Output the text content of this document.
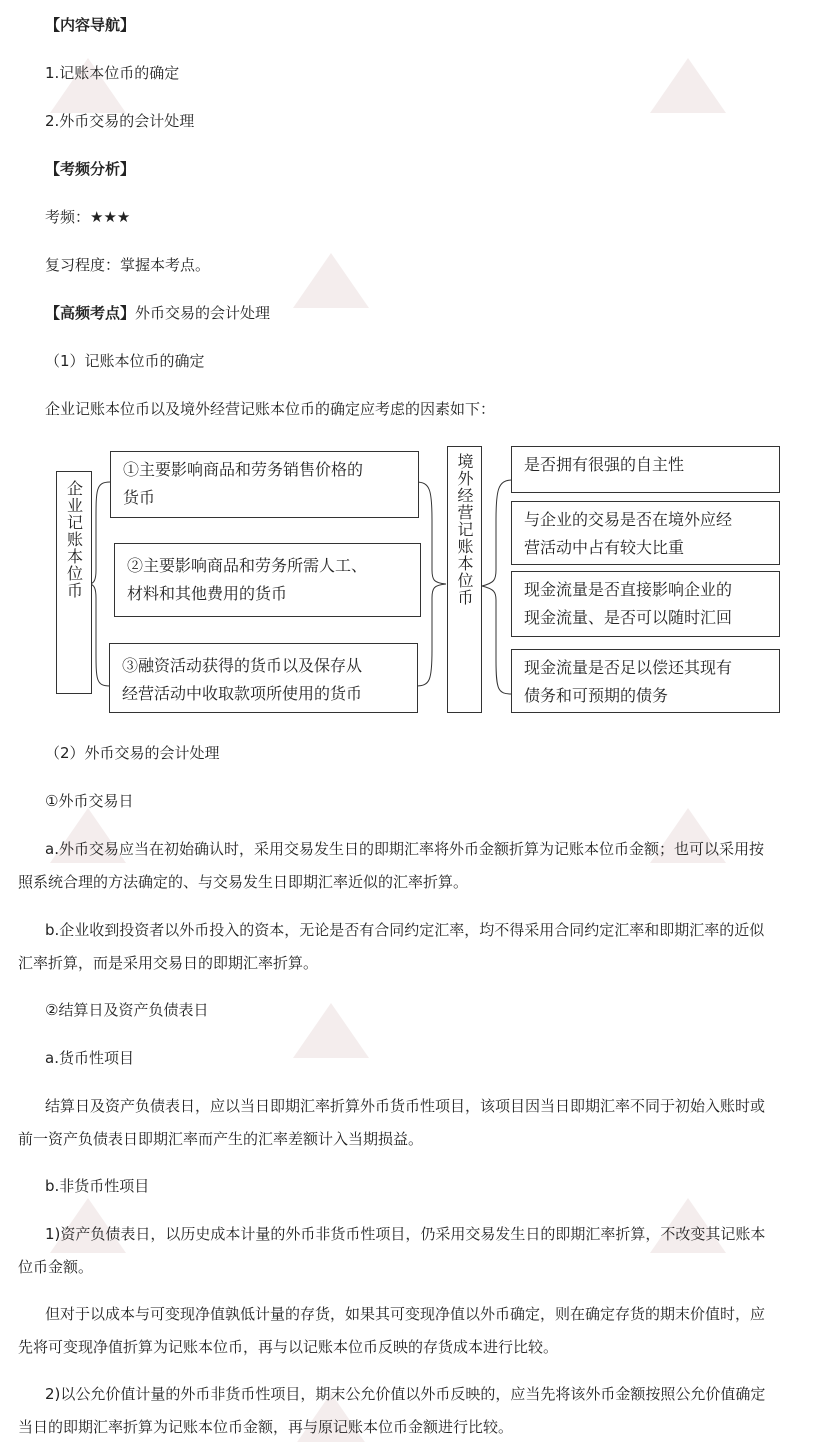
【内容导航】
1.记账本位币的确定
2.外币交易的会计处理
【考频分析】
考频：★★★
复习程度：掌握本考点。
【高频考点】外币交易的会计处理
（1）记账本位币的确定
企业记账本位币以及境外经营记账本位币的确定应考虑的因素如下：
企业记账本位币
①主要影响商品和劳务销售价格的
货币
②主要影响商品和劳务所需人工、
材料和其他费用的货币
③融资活动获得的货币以及保存从
经营活动中收取款项所使用的货币
境外经营记账本位币	是否拥有很强的自主性
与企业的交易是否在境外应经
营活动中占有较大比重
现金流量是否直接影响企业的
现金流量、是否可以随时汇回
现金流量是否足以偿还其现有
债务和可预期的债务
（2）外币交易的会计处理
①外币交易日
a.外币交易应当在初始确认时，采用交易发生日的即期汇率将外币金额折算为记账本位币金额；也可以采用按
照系统合理的方法确定的、与交易发生日即期汇率近似的汇率折算。
b.企业收到投资者以外币投入的资本，无论是否有合同约定汇率，均不得采用合同约定汇率和即期汇率的近似
汇率折算，而是采用交易日的即期汇率折算。
②结算日及资产负债表日
a.货币性项目
结算日及资产负债表日，应以当日即期汇率折算外币货币性项目，该项目因当日即期汇率不同于初始入账时或
前一资产负债表日即期汇率而产生的汇率差额计入当期损益。
b.非货币性项目
1)资产负债表日，以历史成本计量的外币非货币性项目，仍采用交易发生日的即期汇率折算，不改变其记账本
位币金额。
但对于以成本与可变现净值孰低计量的存货，如果其可变现净值以外币确定，则在确定存货的期末价值时，应
先将可变现净值折算为记账本位币，再与以记账本位币反映的存货成本进行比较。
2)以公允价值计量的外币非货币性项目，期末公允价值以外币反映的，应当先将该外币金额按照公允价值确定
当日的即期汇率折算为记账本位币金额，再与原记账本位币金额进行比较。
